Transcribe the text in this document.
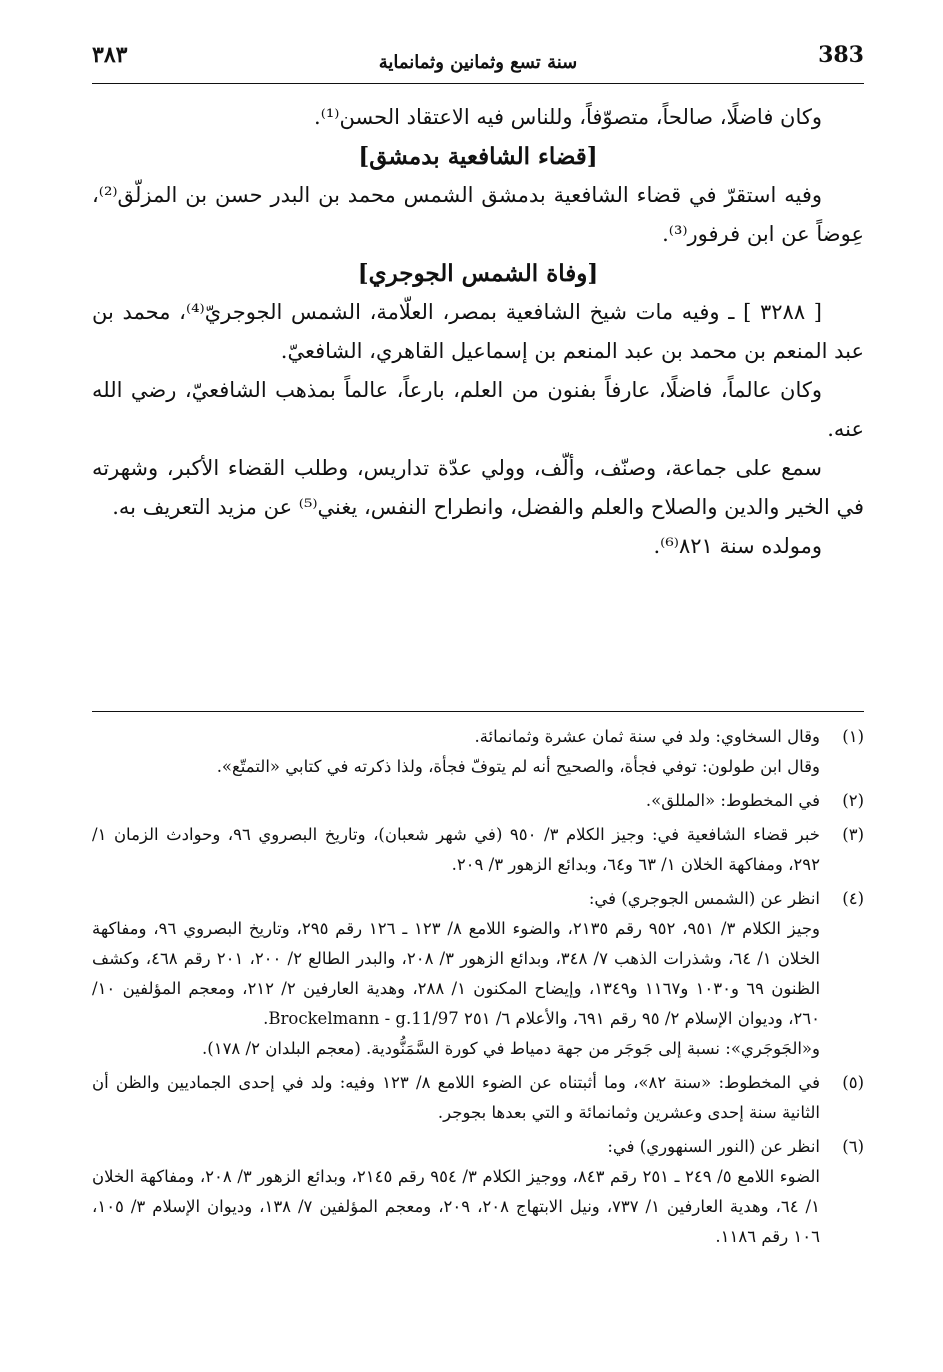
٣٨٣	سنة تسع وثمانين وثمانماية	383

وكان فاضلًا، صالحاً، متصوّفاً، وللناس فيه الاعتقاد الحسن⁽¹⁾.

[قضاء الشافعية بدمشق]

وفيه استقرّ في قضاء الشافعية بدمشق الشمس محمد بن البدر حسن بن المزلّق⁽²⁾، عِوضاً عن ابن فرفور⁽³⁾.

[وفاة الشمس الجوجري]

[ ٣٢٨٨ ] ـ وفيه مات شيخ الشافعية بمصر، العلّامة، الشمس الجوجريّ⁽⁴⁾، محمد بن عبد المنعم بن محمد بن عبد المنعم بن إسماعيل القاهري، الشافعيّ.

وكان عالماً، فاضلًا، عارفاً بفنون من العلم، بارعاً، عالماً بمذهب الشافعيّ، رضي الله عنه.

سمع على جماعة، وصنّف، وألّف، وولي عدّة تداريس، وطلب القضاء الأكبر، وشهرته في الخير والدين والصلاح والعلم والفضل، وانطراح النفس، يغني⁽⁵⁾ عن مزيد التعريف به.

ومولده سنة ٨٢١⁽⁶⁾.

(١)

وقال السخاوي: ولد في سنة ثمان عشرة وثمانمائة.

وقال ابن طولون: توفي فجأة، والصحيح أنه لم يتوفّ فجأة، ولذا ذكرته في كتابي «التمتّع».

(٢)

في المخطوط: «المللق».

(٣)

خبر قضاء الشافعية في: وجيز الكلام ٣/ ٩٥٠ (في شهر شعبان)، وتاريخ البصروي ٩٦، وحوادث الزمان ١/ ٢٩٢، ومفاكهة الخلان ١/ ٦٣ و٦٤، وبدائع الزهور ٣/ ٢٠٩.

(٤)

انظر عن (الشمس الجوجري) في:

وجيز الكلام ٣/ ٩٥١، ٩٥٢ رقم ٢١٣٥، والضوء اللامع ٨/ ١٢٣ ـ ١٢٦ رقم ٢٩٥، وتاريخ البصروي ٩٦، ومفاكهة الخلان ١/ ٦٤، وشذرات الذهب ٧/ ٣٤٨، وبدائع الزهور ٣/ ٢٠٨، والبدر الطالع ٢/ ٢٠٠، ٢٠١ رقم ٤٦٨، وكشف الظنون ٦٩ و١٠٣٠ و١١٦٧ و١٣٤٩، وإيضاح المكنون ١/ ٢٨٨، وهدية العارفين ٢/ ٢١٢، ومعجم المؤلفين ١٠/ ٢٦٠، وديوان الإسلام ٢/ ٩٥ رقم ٦٩١، والأعلام ٦/ ٢٥١ Brockelmann - g.11/97.

و«الجَوجَري»: نسبة إلى جَوجَر من جهة دمياط في كورة السَّمَنُّودية. (معجم البلدان ٢/ ١٧٨).

(٥)

في المخطوط: «سنة ٨٢»، وما أثبتناه عن الضوء اللامع ٨/ ١٢٣ وفيه: ولد في إحدى الجماديين والظن أن الثانية سنة إحدى وعشرين وثمانمائة و التي بعدها بجوجر.

(٦)

انظر عن (النور السنهوري) في:

الضوء اللامع ٥/ ٢٤٩ ـ ٢٥١ رقم ٨٤٣، ووجيز الكلام ٣/ ٩٥٤ رقم ٢١٤٥، وبدائع الزهور ٣/ ٢٠٨، ومفاكهة الخلان ١/ ٦٤، وهدية العارفين ١/ ٧٣٧، ونيل الابتهاج ٢٠٨، ٢٠٩، ومعجم المؤلفين ٧/ ١٣٨، وديوان الإسلام ٣/ ١٠٥، ١٠٦ رقم ١١٨٦.
